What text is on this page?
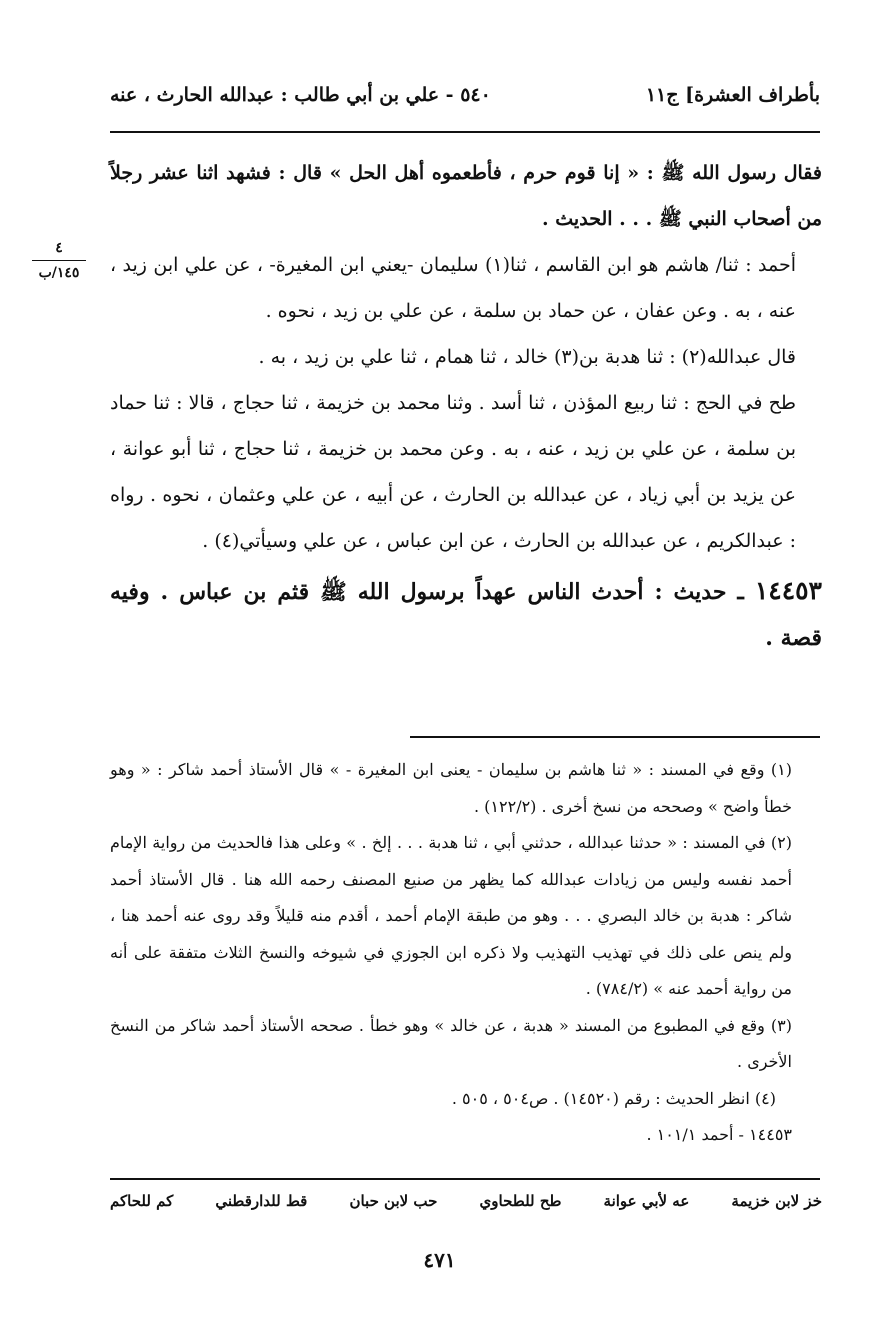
بأطراف العشرة] ج١١
٥٤٠ - علي بن أبي طالب : عبدالله الحارث ، عنه
٤
١٤٥/ب

فقال رسول الله ﷺ : « إنا قوم حرم ، فأطعموه أهل الحل » قال : فشهد اثنا عشر رجلاً من أصحاب النبي ﷺ . . . الحديث .

أحمد : ثنا/ هاشم هو ابن القاسم ، ثنا(١) سليمان -يعني ابن المغيرة- ، عن علي ابن زيد ، عنه ، به . وعن عفان ، عن حماد بن سلمة ، عن علي بن زيد ، نحوه .

قال عبدالله(٢) : ثنا هدبة بن(٣) خالد ، ثنا همام ، ثنا علي بن زيد ، به .

طح في الحج : ثنا ربيع المؤذن ، ثنا أسد . وثنا محمد بن خزيمة ، ثنا حجاج ، قالا : ثنا حماد بن سلمة ، عن علي بن زيد ، عنه ، به . وعن محمد بن خزيمة ، ثنا حجاج ، ثنا أبو عوانة ، عن يزيد بن أبي زياد ، عن عبدالله بن الحارث ، عن أبيه ، عن علي وعثمان ، نحوه . رواه : عبدالكريم ، عن عبدالله بن الحارث ، عن ابن عباس ، عن علي وسيأتي(٤) .

١٤٤٥٣ ـ حديث : أحدث الناس عهداً برسول الله ﷺ قثم بن عباس . وفيه قصة .

(١) وقع في المسند : « ثنا هاشم بن سليمان - يعنى ابن المغيرة - » قال الأستاذ أحمد شاكر : « وهو خطأ واضح » وصححه من نسخ أخرى . (١٢٢/٢) .

(٢) في المسند : « حدثنا عبدالله ، حدثني أبي ، ثنا هدبة . . . إلخ . » وعلى هذا فالحديث من رواية الإمام أحمد نفسه وليس من زيادات عبدالله كما يظهر من صنيع المصنف رحمه الله هنا . قال الأستاذ أحمد شاكر : هدبة بن خالد البصري . . . وهو من طبقة الإمام أحمد ، أقدم منه قليلاً وقد روى عنه أحمد هنا ، ولم ينص على ذلك في تهذيب التهذيب ولا ذكره ابن الجوزي في شيوخه والنسخ الثلاث متفقة على أنه من رواية أحمد عنه » (٧٨٤/٢) .

(٣) وقع في المطبوع من المسند « هدبة ، عن خالد » وهو خطأ . صححه الأستاذ أحمد شاكر من النسخ الأخرى .

(٤) انظر الحديث : رقم (١٤٥٢٠) . ص٥٠٤ ، ٥٠٥ .

١٤٤٥٣ - أحمد ١٠١/١ .

خز لابن خزيمة
عه لأبي عوانة
طح للطحاوي
حب لابن حبان
قط للدارقطني
كم للحاكم
٤٧١
